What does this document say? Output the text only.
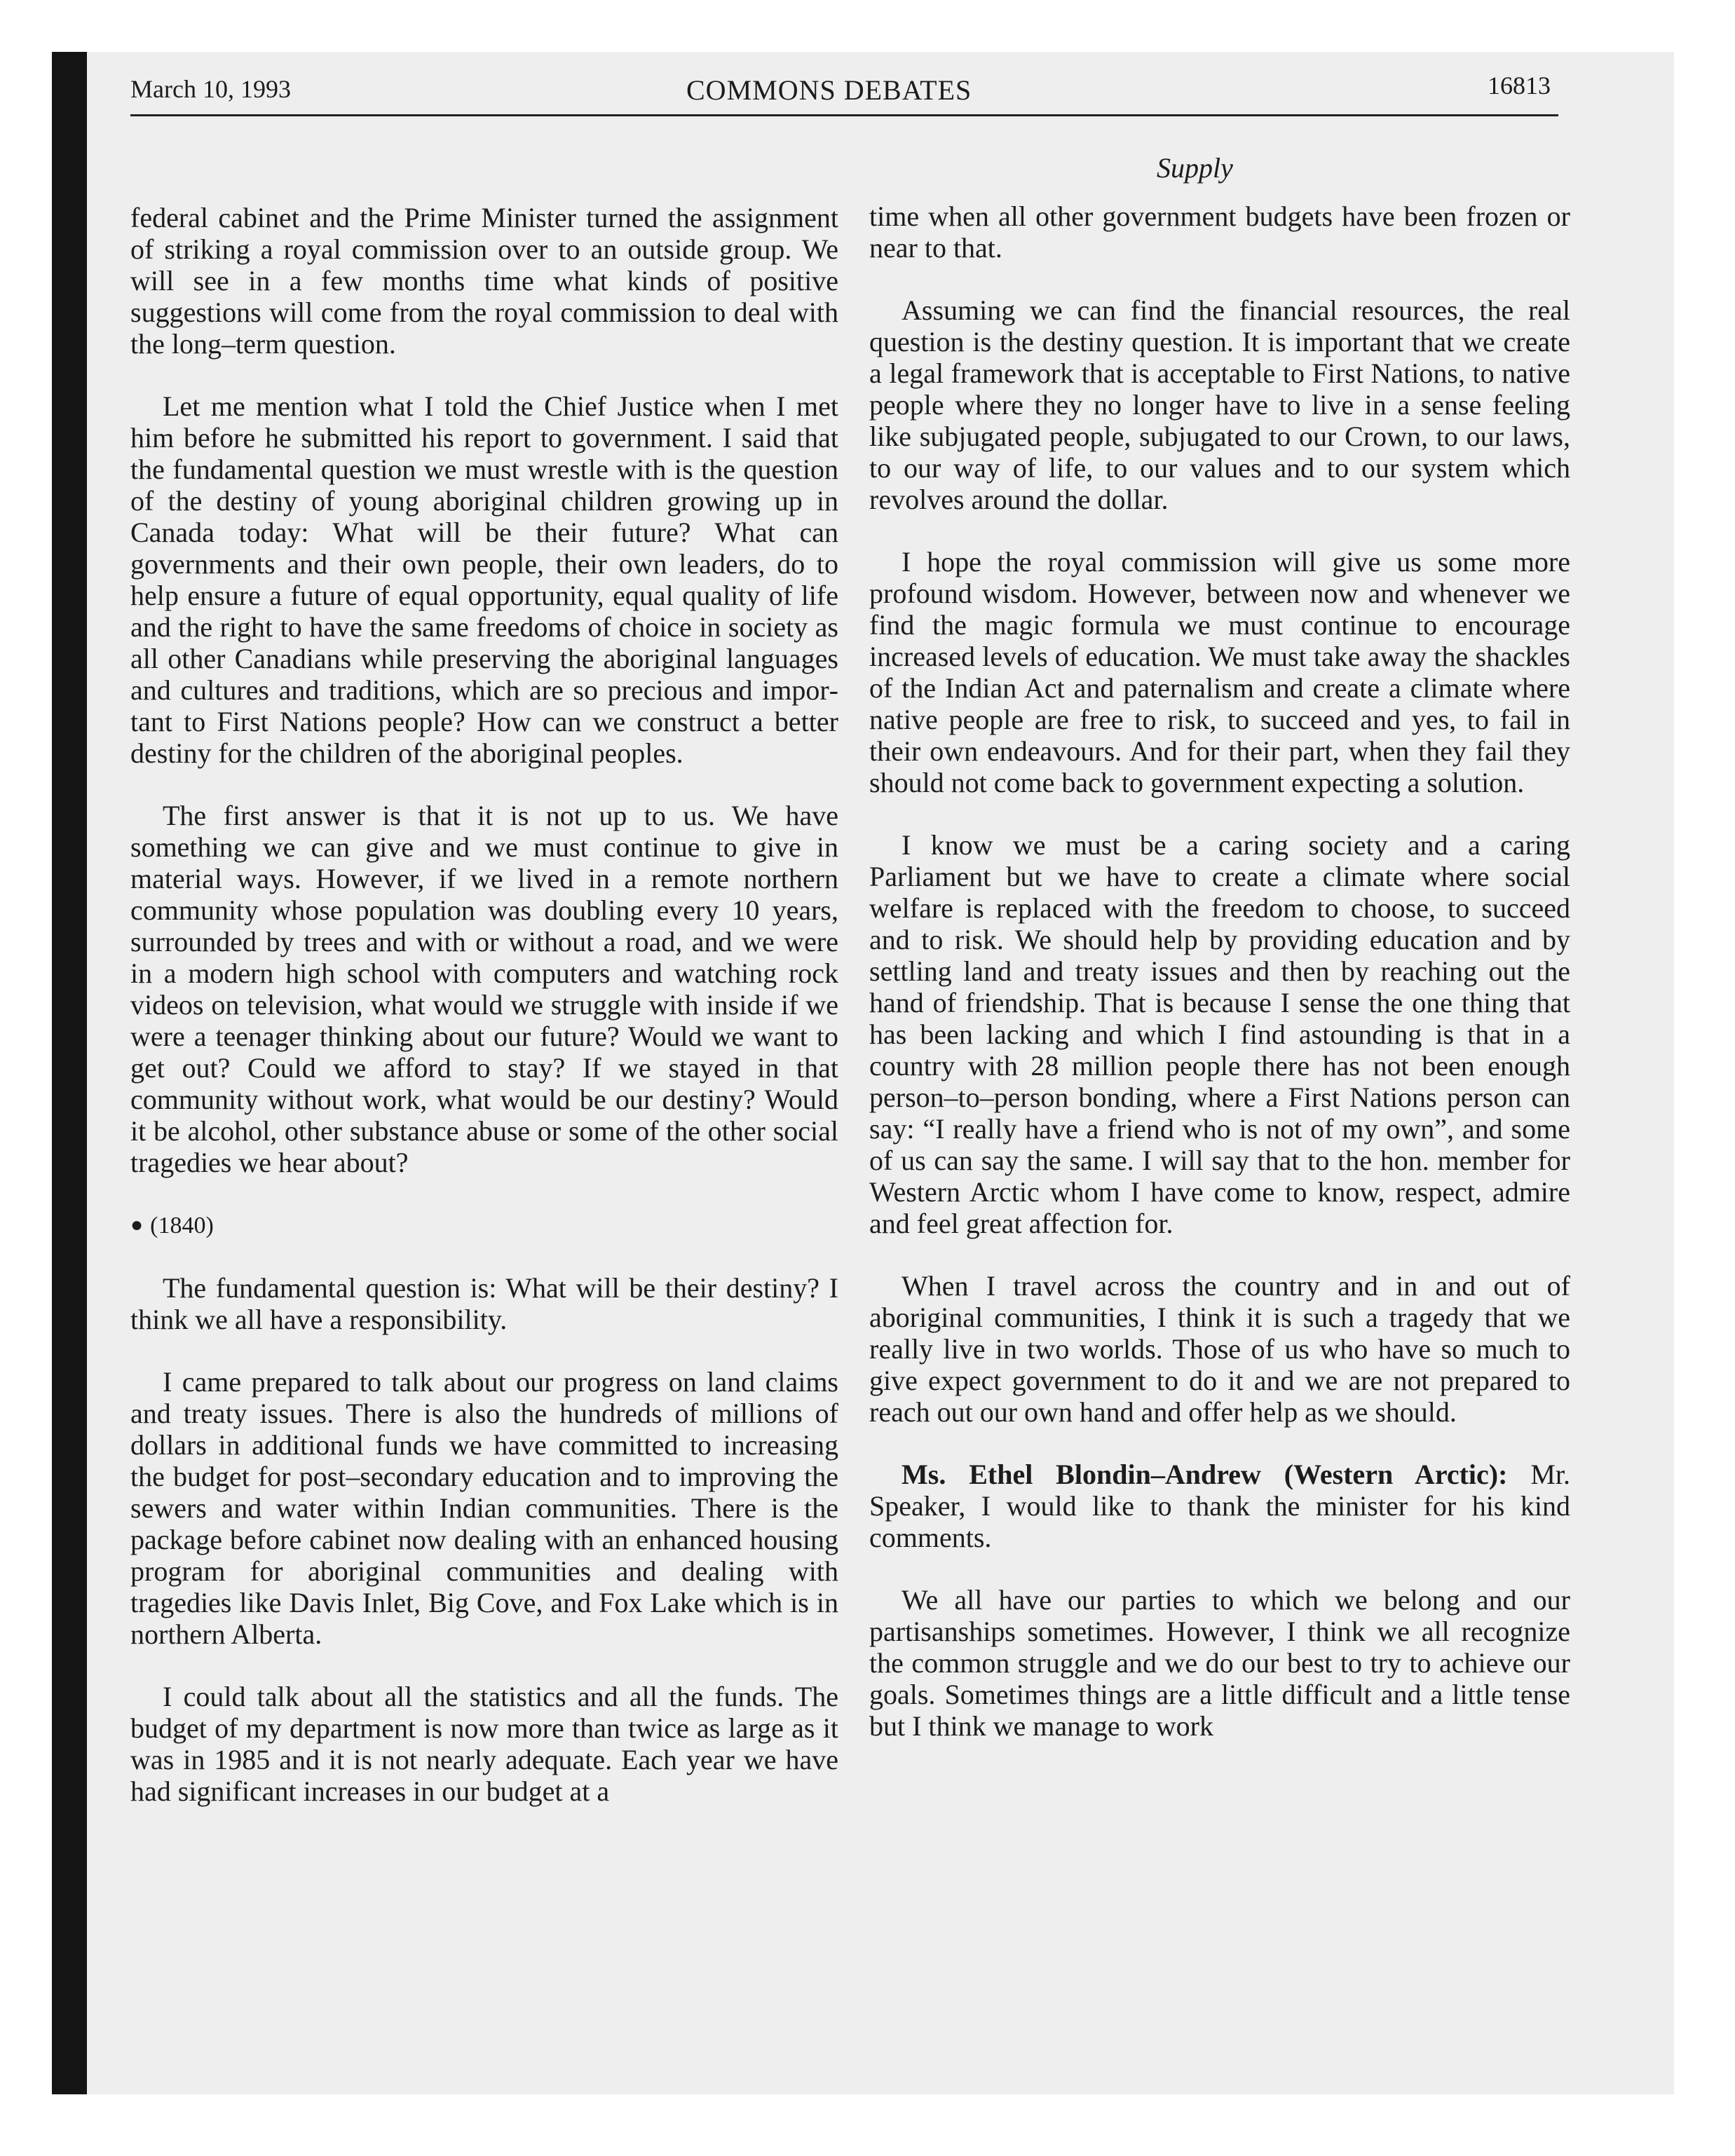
March 10, 1993	COMMONS DEBATES	16813
Supply

federal cabinet and the Prime Minister turned the assignment of striking a royal commission over to an outside group. We will see in a few months time what kinds of positive suggestions will come from the royal commission to deal with the long–term question.

Let me mention what I told the Chief Justice when I met him before he submitted his report to government. I said that the fundamental question we must wrestle with is the question of the destiny of young aboriginal children growing up in Canada today: What will be their future? What can governments and their own people, their own leaders, do to help ensure a future of equal opportunity, equal quality of life and the right to have the same freedoms of choice in society as all other Canadians while preserving the aboriginal languages and cultures and traditions, which are so precious and important to First Nations people? How can we construct a better destiny for the children of the aboriginal peoples.

The first answer is that it is not up to us. We have something we can give and we must continue to give in material ways. However, if we lived in a remote northern community whose population was doubling every 10 years, surrounded by trees and with or without a road, and we were in a modern high school with computers and watching rock videos on television, what would we struggle with inside if we were a teenager thinking about our future? Would we want to get out? Could we afford to stay? If we stayed in that community without work, what would be our destiny? Would it be alcohol, other substance abuse or some of the other social tragedies we hear about?

● (1840)

The fundamental question is: What will be their destiny? I think we all have a responsibility.

I came prepared to talk about our progress on land claims and treaty issues. There is also the hundreds of millions of dollars in additional funds we have committed to increasing the budget for post–secondary education and to improving the sewers and water within Indian communities. There is the package before cabinet now dealing with an enhanced housing program for aboriginal communities and dealing with tragedies like Davis Inlet, Big Cove, and Fox Lake which is in northern Alberta.

I could talk about all the statistics and all the funds. The budget of my department is now more than twice as large as it was in 1985 and it is not nearly adequate. Each year we have had significant increases in our budget at a

time when all other government budgets have been frozen or near to that.

Assuming we can find the financial resources, the real question is the destiny question. It is important that we create a legal framework that is acceptable to First Nations, to native people where they no longer have to live in a sense feeling like subjugated people, subjugated to our Crown, to our laws, to our way of life, to our values and to our system which revolves around the dollar.

I hope the royal commission will give us some more profound wisdom. However, between now and whenever we find the magic formula we must continue to encourage increased levels of education. We must take away the shackles of the Indian Act and paternalism and create a climate where native people are free to risk, to succeed and yes, to fail in their own endeavours. And for their part, when they fail they should not come back to government expecting a solution.

I know we must be a caring society and a caring Parliament but we have to create a climate where social welfare is replaced with the freedom to choose, to succeed and to risk. We should help by providing education and by settling land and treaty issues and then by reaching out the hand of friendship. That is because I sense the one thing that has been lacking and which I find astounding is that in a country with 28 million people there has not been enough person–to–person bonding, where a First Nations person can say: “I really have a friend who is not of my own”, and some of us can say the same. I will say that to the hon. member for Western Arctic whom I have come to know, respect, admire and feel great affection for.

When I travel across the country and in and out of aboriginal communities, I think it is such a tragedy that we really live in two worlds. Those of us who have so much to give expect government to do it and we are not prepared to reach out our own hand and offer help as we should.

Ms. Ethel Blondin–Andrew (Western Arctic): Mr. Speaker, I would like to thank the minister for his kind comments.

We all have our parties to which we belong and our partisanships sometimes. However, I think we all recognize the common struggle and we do our best to try to achieve our goals. Sometimes things are a little difficult and a little tense but I think we manage to work
